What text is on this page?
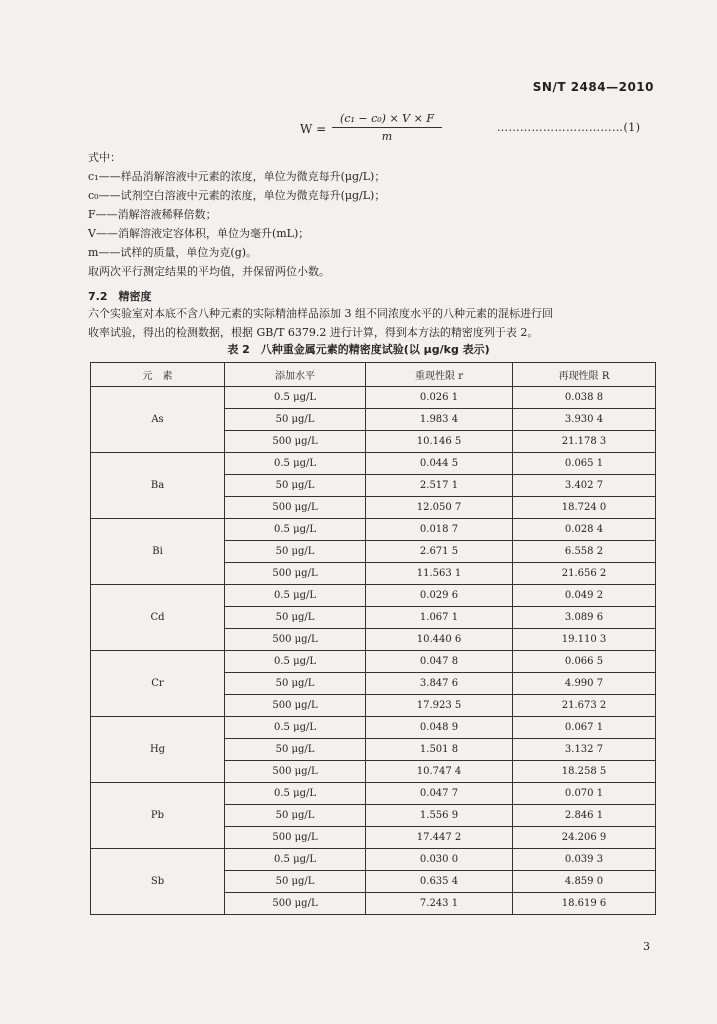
SN/T 2484—2010
W =
(c₁ − c₀) × V × F
m
……………………………(1)
式中：
c₁——样品消解溶液中元素的浓度，单位为微克每升(μg/L)；
c₀——试剂空白溶液中元素的浓度，单位为微克每升(μg/L)；
F——消解溶液稀释倍数；
V——消解溶液定容体积，单位为毫升(mL)；
m——试样的质量，单位为克(g)。
取两次平行测定结果的平均值，并保留两位小数。
7.2　精密度
六个实验室对本底不含八种元素的实际精油样品添加 3 组不同浓度水平的八种元素的混标进行回
收率试验，得出的检测数据，根据 GB/T 6379.2 进行计算，得到本方法的精密度列于表 2。
表 2　八种重金属元素的精密度试验(以 μg/kg 表示)
元　素	添加水平	重现性限 r	再现性限 R
As	0.5 μg/L	0.026 1	0.038 8
	50 μg/L	1.983 4	3.930 4
	500 μg/L	10.146 5	21.178 3
Ba	0.5 μg/L	0.044 5	0.065 1
	50 μg/L	2.517 1	3.402 7
	500 μg/L	12.050 7	18.724 0
Bi	0.5 μg/L	0.018 7	0.028 4
	50 μg/L	2.671 5	6.558 2
	500 μg/L	11.563 1	21.656 2
Cd	0.5 μg/L	0.029 6	0.049 2
	50 μg/L	1.067 1	3.089 6
	500 μg/L	10.440 6	19.110 3
Cr	0.5 μg/L	0.047 8	0.066 5
	50 μg/L	3.847 6	4.990 7
	500 μg/L	17.923 5	21.673 2
Hg	0.5 μg/L	0.048 9	0.067 1
	50 μg/L	1.501 8	3.132 7
	500 μg/L	10.747 4	18.258 5
Pb	0.5 μg/L	0.047 7	0.070 1
	50 μg/L	1.556 9	2.846 1
	500 μg/L	17.447 2	24.206 9
Sb	0.5 μg/L	0.030 0	0.039 3
	50 μg/L	0.635 4	4.859 0
	500 μg/L	7.243 1	18.619 6
3
